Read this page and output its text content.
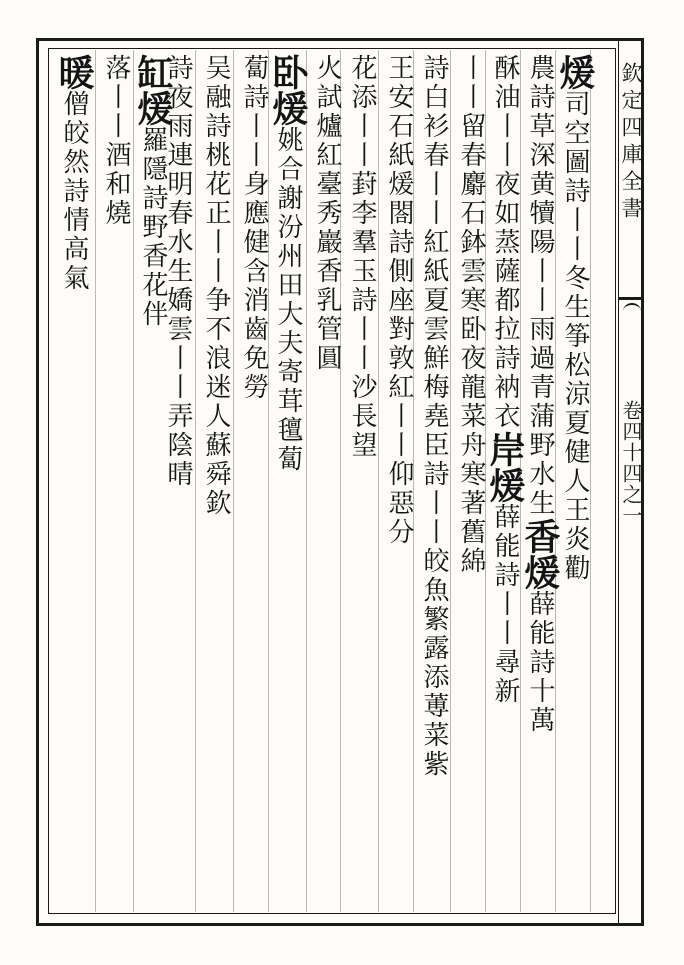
欽定四庫全書
卷四十四之一
煖司空圖詩丨丨冬生筝松涼夏健人王炎勸
農詩草深黄犢陽丨丨雨過青蒲野水生香煖薛能詩十萬
酥油丨丨夜如蒸薩都拉詩衲衣岸煖薛能詩丨丨尋新
丨丨留春麝石鉢雲寒卧夜龍菜舟寒著舊綿
詩白衫春丨丨紅紙夏雲鮮梅堯臣詩丨丨皎魚繁露添蒪菜紫
王安石紙煖閤詩側座對敦紅丨丨仰惡分
花添丨丨葑李羣玉詩丨丨沙長望
火試爐紅臺秀巖香乳管圓
卧煖姚合謝汾州田大夫寄茸氊蔔
蔔詩丨丨身應健含消齒免勞
吴融詩桃花正丨丨争不浪迷人蘇舜欽
詩夜雨連明春水生嬌雲丨丨弄陰晴
缸煖羅隱詩野香花伴
落丨丨酒和燒
暖僧皎然詩情高氣
